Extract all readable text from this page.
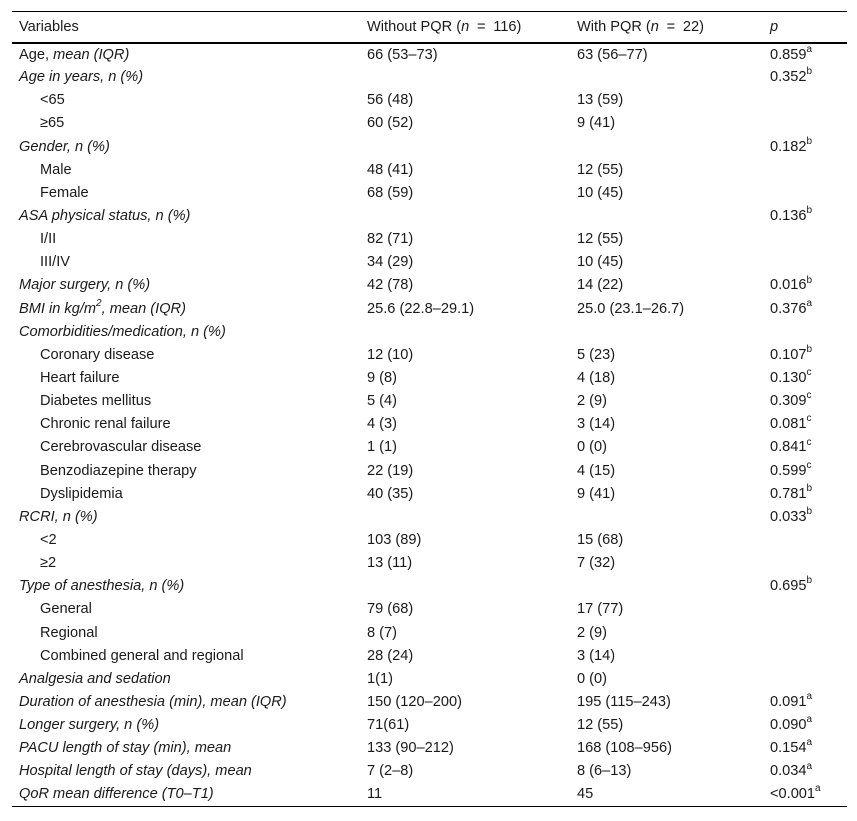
Variables	Without PQR (n = 116)	With PQR (n = 22)	p
Age, mean (IQR)	66 (53–73)	63 (56–77)	0.859$^a$
Age in years, n (%)			0.352$^b$
<65	56 (48)	13 (59)	
≥65	60 (52)	9 (41)	
Gender, n (%)			0.182$^b$
Male	48 (41)	12 (55)	
Female	68 (59)	10 (45)	
ASA physical status, n (%)			0.136$^b$
I/II	82 (71)	12 (55)	
III/IV	34 (29)	10 (45)	
Major surgery, n (%)	42 (78)	14 (22)	0.016$^b$
BMI in $kg/m^2$, mean (IQR)	25.6 (22.8–29.1)	25.0 (23.1–26.7)	0.376$^a$
Comorbidities/medication, n (%)			
Coronary disease	12 (10)	5 (23)	0.107$^b$
Heart failure	9 (8)	4 (18)	0.130$^c$
Diabetes mellitus	5 (4)	2 (9)	0.309$^c$
Chronic renal failure	4 (3)	3 (14)	0.081$^c$
Cerebrovascular disease	1 (1)	0 (0)	0.841$^c$
Benzodiazepine therapy	22 (19)	4 (15)	0.599$^c$
Dyslipidemia	40 (35)	9 (41)	0.781$^b$
RCRI, n (%)			0.033$^b$
<2	103 (89)	15 (68)	
≥2	13 (11)	7 (32)	
Type of anesthesia, n (%)			0.695$^b$
General	79 (68)	17 (77)	
Regional	8 (7)	2 (9)	
Combined general and regional	28 (24)	3 (14)	
Analgesia and sedation	1(1)	0 (0)	
Duration of anesthesia (min), mean (IQR)	150 (120–200)	195 (115–243)	0.091$^a$
Longer surgery, n (%)	71(61)	12 (55)	0.090$^a$
PACU length of stay (min), mean	133 (90–212)	168 (108–956)	0.154$^a$
Hospital length of stay (days), mean	7 (2–8)	8 (6–13)	0.034$^a$
QoR mean difference (T0–T1)	11	45	<0.001$^a$
